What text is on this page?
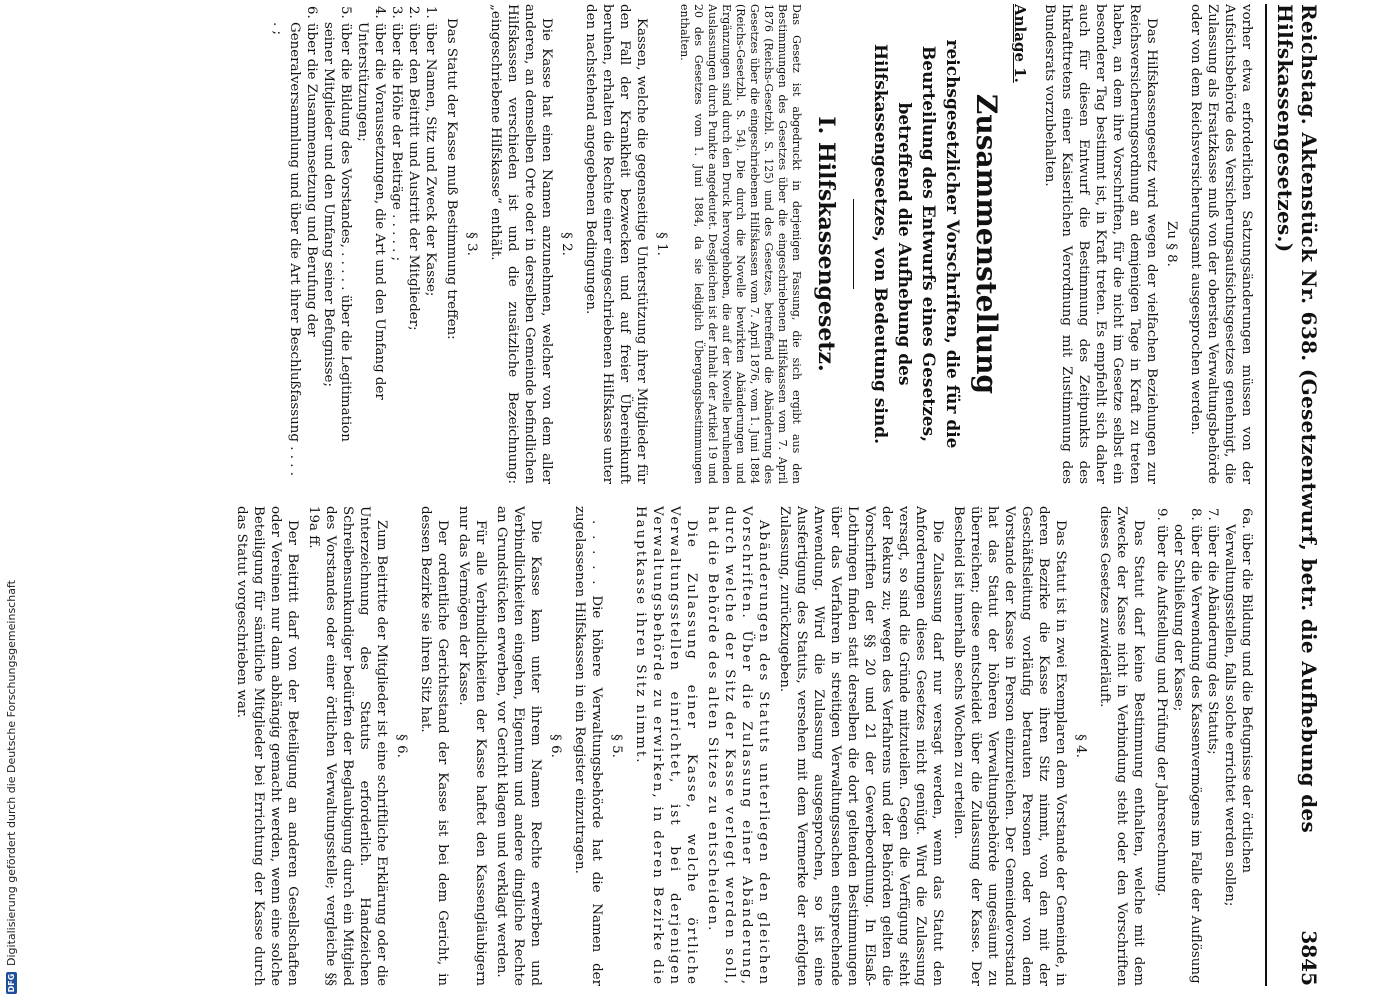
DFG
Digitalisierung gefördert durch die Deutsche Forschungsgemeinschaft	Reichstag. Aktenstück Nr. 638. (Gesetzentwurf, betr. die Aufhebung des Hilfskassengesetzes.)
3845

vorher etwa erforderlichen Satzungsänderungen müssen von der Aufsichtsbehörde des Versicherungsaufsichtsgesetzes genehmigt, die Zulassung als Ersatzkasse muß von der obersten Verwaltungsbehörde oder von dem Reichsversicherungsamt ausgesprochen werden.

Zu § 8.

Das Hilfskassengesetz wird wegen der vielfachen Beziehungen zur Reichsversicherungsordnung an demjenigen Tage in Kraft zu treten haben, an dem ihre Vorschriften, für die nicht im Gesetze selbst ein besonderer Tag bestimmt ist, in Kraft treten. Es empfiehlt sich daher auch für diesen Entwurf die Bestimmung des Zeitpunkts des Inkrafttretens einer Kaiserlichen Verordnung mit Zustimmung des Bundesrats vorzubehalten.

Anlage 1.
Zusammenstellung
reichsgesetzlicher Vorschriften, die für die Beurteilung des Entwurfs eines Gesetzes, betreffend die Aufhebung des Hilfskassengesetzes, von Bedeutung sind.
I. Hilfskassengesetz.

Das Gesetz ist abgedruckt in derjenigen Fassung, die sich ergibt aus den Bestimmungen des Gesetzes über die eingeschriebenen Hilfskassen vom 7. April 1876 (Reichs-Gesetzbl. S. 125) und des Gesetzes, betreffend die Abänderung des Gesetzes über die eingeschriebenen Hilfskassen vom 7. April 1876, vom 1. Juni 1884 (Reichs-Gesetzbl. S. 54). Die durch die Novelle bewirkten Abänderungen und Ergänzungen sind durch den Druck hervorgehoben, die auf der Novelle beruhenden Auslassungen durch Punkte angedeutet. Desgleichen ist der Inhalt der Artikel 19 und 20 des Gesetzes vom 1. Juni 1884, da sie lediglich Übergangsbestimmungen enthalten.

§ 1.

Kassen, welche die gegenseitige Unterstützung ihrer Mitglieder für den Fall der Krankheit bezwecken und auf freier Übereinkunft beruhen, erhalten die Rechte einer eingeschriebenen Hilfskasse unter den nachstehend angegebenen Bedingungen.

§ 2.

Die Kasse hat einen Namen anzunehmen, welcher von dem aller anderen, an demselben Orte oder in derselben Gemeinde befindlichen Hilfskassen verschieden ist und die zusätzliche Bezeichnung: „eingeschriebene Hilfskasse“ enthält.

§ 3.

Das Statut der Kasse muß Bestimmung treffen:

1. über Namen, Sitz und Zweck der Kasse;
2. über den Beitritt und Austritt der Mitglieder;
3. über die Höhe der Beiträge . . . . . ;
4. über die Voraussetzungen, die Art und den Umfang der Unterstützungen;
5. über die Bildung des Vorstandes, . . . . . über die Legitimation seiner Mitglieder und den Umfang seiner Befugnisse;
6. über die Zusammensetzung und Berufung der Generalversammlung und über die Art ihrer Beschlußfassung . . . . . ;
6a. über die Bildung und die Befugnisse der örtlichen Verwaltungsstellen, falls solche errichtet werden sollen;
7. über die Abänderung des Statuts;
8. über die Verwendung des Kassenvermögens im Falle der Auflösung oder Schließung der Kasse;
9. über die Aufstellung und Prüfung der Jahresrechnung.

Das Statut darf keine Bestimmung enthalten, welche mit dem Zwecke der Kasse nicht in Verbindung steht oder den Vorschriften dieses Gesetzes zuwiderläuft.

§ 4.

Das Statut ist in zwei Exemplaren dem Vorstande der Gemeinde, in deren Bezirke die Kasse ihren Sitz nimmt, von den mit der Geschäftsleitung vorläufig betrauten Personen oder von dem Vorstande der Kasse in Person einzureichen. Der Gemeindevorstand hat das Statut der höheren Verwaltungsbehörde ungesäumt zu überreichen; diese entscheidet über die Zulassung der Kasse. Der Bescheid ist innerhalb sechs Wochen zu erteilen.

Die Zulassung darf nur versagt werden, wenn das Statut den Anforderungen dieses Gesetzes nicht genügt. Wird die Zulassung versagt, so sind die Gründe mitzuteilen. Gegen die Verfügung steht der Rekurs zu; wegen des Verfahrens und der Behörden gelten die Vorschriften der §§ 20 und 21 der Gewerbeordnung. In Elsaß-Lothringen finden statt derselben die dort geltenden Bestimmungen über das Verfahren in streitigen Verwaltungssachen entsprechende Anwendung. Wird die Zulassung ausgesprochen, so ist eine Ausfertigung des Statuts, versehen mit dem Vermerke der erfolgten Zulassung, zurückzugeben.

Abänderungen des Statuts unterliegen den gleichen Vorschriften. Über die Zulassung einer Abänderung, durch welche der Sitz der Kasse verlegt werden soll, hat die Behörde des alten Sitzes zu entscheiden.

Die Zulassung einer Kasse, welche örtliche Verwaltungsstellen einrichtet, ist bei derjenigen Verwaltungsbehörde zu erwirken, in deren Bezirke die Hauptkasse ihren Sitz nimmt.

§ 5.

. . . . . Die höhere Verwaltungsbehörde hat die Namen der zugelassenen Hilfskassen in ein Register einzutragen.

§ 6.

Die Kasse kann unter ihrem Namen Rechte erwerben und Verbindlichkeiten eingehen, Eigentum und andere dingliche Rechte an Grundstücken erwerben, vor Gericht klagen und verklagt werden.

Für alle Verbindlichkeiten der Kasse haftet den Kassengläubigern nur das Vermögen der Kasse.

Der ordentliche Gerichtsstand der Kasse ist bei dem Gericht, in dessen Bezirke sie ihren Sitz hat.

§ 6.

Zum Beitritte der Mitglieder ist eine schriftliche Erklärung oder die Unterzeichnung des Statuts erforderlich. Handzeichen Schreibensunkundiger bedürfen der Beglaubigung durch ein Mitglied des Vorstandes oder einer örtlichen Verwaltungsstelle; vergleiche §§ 19a ff.

Der Beitritt darf von der Beteiligung an anderen Gesellschaften oder Vereinen nur dann abhängig gemacht werden, wenn eine solche Beteiligung für sämtliche Mitglieder bei Errichtung der Kasse durch das Statut vorgeschrieben war.
